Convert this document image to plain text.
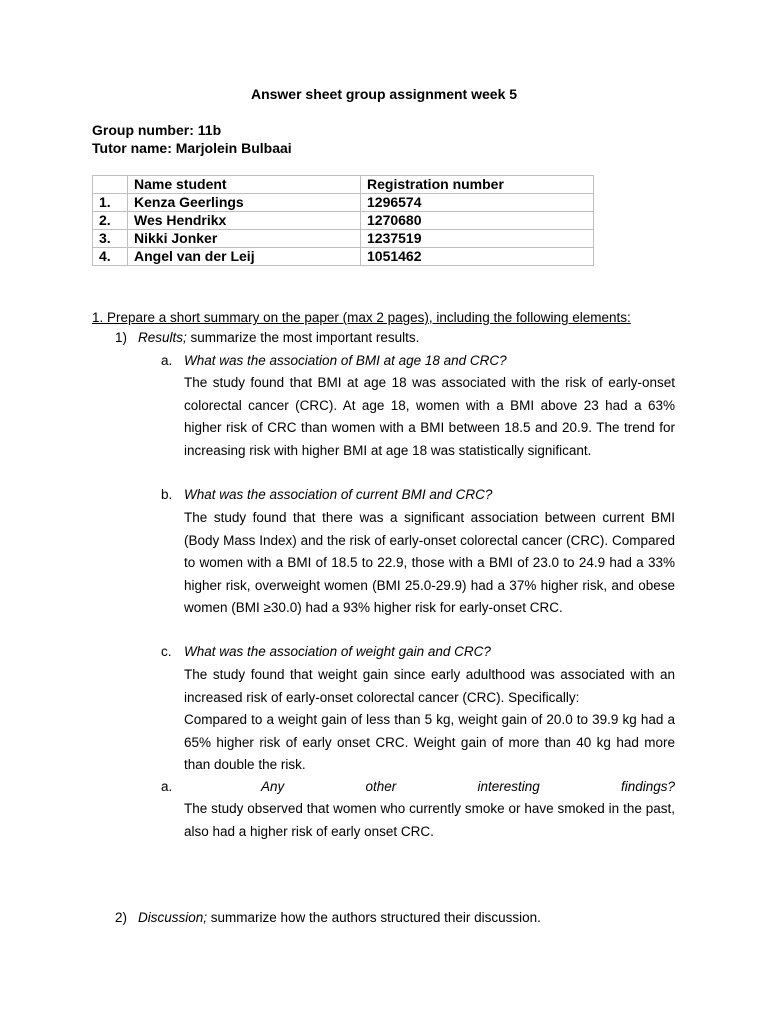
Answer sheet group assignment week 5
Group number: 11b
Tutor name: Marjolein Bulbaai
	Name student	Registration number
1.	Kenza Geerlings	1296574
2.	Wes Hendrikx	1270680
3.	Nikki Jonker	1237519
4.	Angel van der Leij	1051462
1. Prepare a short summary on the paper (max 2 pages), including the following elements:
1) Results; summarize the most important results.
a. What was the association of BMI at age 18 and CRC?
The study found that BMI at age 18 was associated with the risk of early-onset colorectal cancer (CRC). At age 18, women with a BMI above 23 had a 63% higher risk of CRC than women with a BMI between 18.5 and 20.9. The trend for increasing risk with higher BMI at age 18 was statistically significant.
b. What was the association of current BMI and CRC?
The study found that there was a significant association between current BMI (Body Mass Index) and the risk of early-onset colorectal cancer (CRC). Compared to women with a BMI of 18.5 to 22.9, those with a BMI of 23.0 to 24.9 had a 33% higher risk, overweight women (BMI 25.0-29.9) had a 37% higher risk, and obese women (BMI ≥30.0) had a 93% higher risk for early-onset CRC.
c. What was the association of weight gain and CRC?
The study found that weight gain since early adulthood was associated with an increased risk of early-onset colorectal cancer (CRC). Specifically:
Compared to a weight gain of less than 5 kg, weight gain of 20.0 to 39.9 kg had a 65% higher risk of early onset CRC. Weight gain of more than 40 kg had more than double the risk.
a.	Any	other	interesting	findings?
The study observed that women who currently smoke or have smoked in the past, also had a higher risk of early onset CRC.
2) Discussion; summarize how the authors structured their discussion.
